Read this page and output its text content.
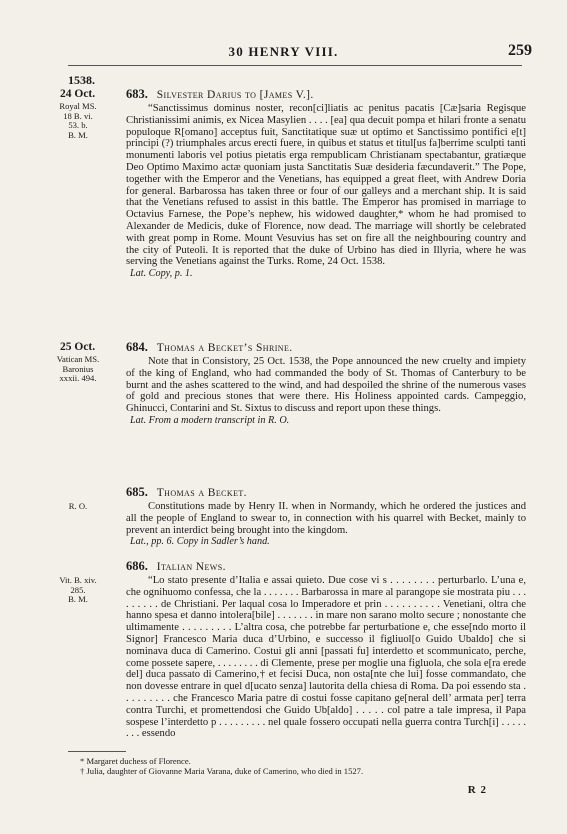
30 HENRY VIII.	259
1538.
24 Oct.
Royal MS.
18 B. vi.
53. b.
B. M.
683. Silvester Darius to [James V.].

“Sanctissimus dominus noster, recon[ci]liatis ac penitus pacatis [Cæ]saria Regisque Christianissimi animis, ex Nicea Masylien . . . . [ea] qua decuit pompa et hilari fronte a senatu populoque R[omano] acceptus fuit, Sanctitatique suæ ut optimo et Sanctissimo pontifici e[t] principi (?) triumphales arcus erecti fuere, in quibus et status et titul[us fa]berrime sculpti tanti monumenti laboris vel potius pietatis erga rempublicam Christianam spectabantur, gratiæque Deo Optimo Maximo actæ quoniam justa Sanctitatis Suæ desideria fæcundaverit.” The Pope, together with the Emperor and the Venetians, has equipped a great fleet, with Andrew Doria for general. Barbarossa has taken three or four of our galleys and a merchant ship. It is said that the Venetians refused to assist in this battle. The Emperor has promised in marriage to Octavius Farnese, the Pope’s nephew, his widowed daughter,* whom he had promised to Alexander de Medicis, duke of Florence, now dead. The marriage will shortly be celebrated with great pomp in Rome. Mount Vesuvius has set on fire all the neighbouring country and the city of Puteoli. It is reported that the duke of Urbino has died in Illyria, where he was serving the Venetians against the Turks. Rome, 24 Oct. 1538.

Lat. Copy, p. 1.
25 Oct.
Vatican MS.
Baronius
xxxii. 494.
684. Thomas a Becket’s Shrine.

Note that in Consistory, 25 Oct. 1538, the Pope announced the new cruelty and impiety of the king of England, who had commanded the body of St. Thomas of Canterbury to be burnt and the ashes scattered to the wind, and had despoiled the shrine of the numerous vases of gold and precious stones that were there. His Holiness appointed cards. Campeggio, Ghinucci, Contarini and St. Sixtus to discuss and report upon these things.

Lat. From a modern transcript in R. O.
R. O.
685. Thomas a Becket.

Constitutions made by Henry II. when in Normandy, which he ordered the justices and all the people of England to swear to, in connection with his quarrel with Becket, mainly to prevent an interdict being brought into the kingdom.

Lat., pp. 6. Copy in Sadler’s hand.
Vit. B. xiv.
285.
B. M.
686. Italian News.

“Lo stato presente d’Italia e assai quieto. Due cose vi s . . . . . . . . perturbarlo. L’una e, che ognihuomo confessa, che la . . . . . . . Barbarossa in mare al parangope sie mostrata piu . . . . . . . . . de Christiani. Per laqual cosa lo Imperadore et prin . . . . . . . . . . Venetiani, oltra che hanno spesa et danno intolera[bile] . . . . . . . in mare non sarano molto secure ; nonostante che ultimamente . . . . . . . . . L’altra cosa, che potrebbe far perturbatione e, che esse[ndo morto il Signor] Francesco Maria duca d’Urbino, e successo il figliuol[o Guido Ubaldo] che si nominava duca di Camerino. Costui gli anni [passati fu] interdetto et scommunicato, perche, come possete sapere, . . . . . . . . di Clemente, prese per moglie una figluola, che sola e[ra erede del] duca passato di Camerino,† et fecisi Duca, non osta[nte che lui] fosse commandato, che non dovesse entrare in quel d[ucato senza] lautorita della chiesa di Roma. Da poi essendo sta . . . . . . . . . che Francesco Maria patre di costui fosse capitano ge[neral dell’ armata per] terra contra Turchi, et promettendosi che Guido Ub[aldo] . . . . . col patre a tale impresa, il Papa sospese l’interdetto p . . . . . . . . . nel quale fossero occupati nella guerra contra Turch[i] . . . . . . . . essendo

* Margaret duchess of Florence.
† Julia, daughter of Giovanne Maria Varana, duke of Camerino, who died in 1527.
R 2
